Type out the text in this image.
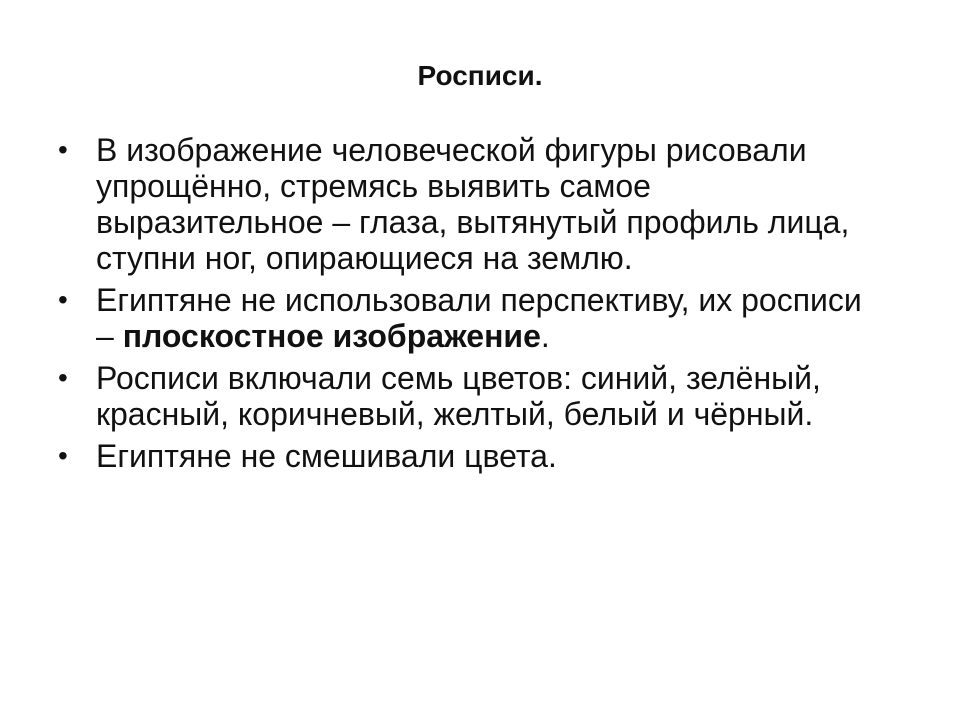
Росписи.
• В изображение человеческой фигуры рисовали упрощённо, стремясь выявить самое выразительное – глаза, вытянутый профиль лица, ступни ног, опирающиеся на землю.
• Египтяне не использовали перспективу, их росписи – плоскостное изображение.
• Росписи включали семь цветов: синий, зелёный, красный, коричневый, желтый, белый и чёрный.
• Египтяне не смешивали цвета.
